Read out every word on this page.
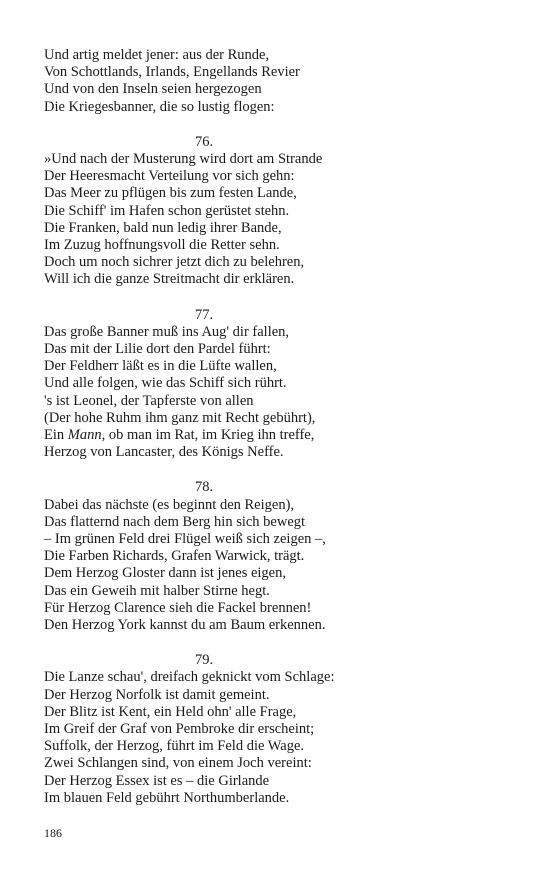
Und artig meldet jener: aus der Runde,
Von Schottlands, Irlands, Engellands Revier
Und von den Inseln seien hergezogen
Die Kriegesbanner, die so lustig flogen:
76.
»Und nach der Musterung wird dort am Strande
Der Heeresmacht Verteilung vor sich gehn:
Das Meer zu pflügen bis zum festen Lande,
Die Schiff' im Hafen schon gerüstet stehn.
Die Franken, bald nun ledig ihrer Bande,
Im Zuzug hoffnungsvoll die Retter sehn.
Doch um noch sichrer jetzt dich zu belehren,
Will ich die ganze Streitmacht dir erklären.
77.
Das große Banner muß ins Aug' dir fallen,
Das mit der Lilie dort den Pardel führt:
Der Feldherr läßt es in die Lüfte wallen,
Und alle folgen, wie das Schiff sich rührt.
's ist Leonel, der Tapferste von allen
(Der hohe Ruhm ihm ganz mit Recht gebührt),
Ein Mann, ob man im Rat, im Krieg ihn treffe,
Herzog von Lancaster, des Königs Neffe.
78.
Dabei das nächste (es beginnt den Reigen),
Das flatternd nach dem Berg hin sich bewegt
– Im grünen Feld drei Flügel weiß sich zeigen –,
Die Farben Richards, Grafen Warwick, trägt.
Dem Herzog Gloster dann ist jenes eigen,
Das ein Geweih mit halber Stirne hegt.
Für Herzog Clarence sieh die Fackel brennen!
Den Herzog York kannst du am Baum erkennen.
79.
Die Lanze schau', dreifach geknickt vom Schlage:
Der Herzog Norfolk ist damit gemeint.
Der Blitz ist Kent, ein Held ohn' alle Frage,
Im Greif der Graf von Pembroke dir erscheint;
Suffolk, der Herzog, führt im Feld die Wage.
Zwei Schlangen sind, von einem Joch vereint:
Der Herzog Essex ist es – die Girlande
Im blauen Feld gebührt Northumberlande.
186
